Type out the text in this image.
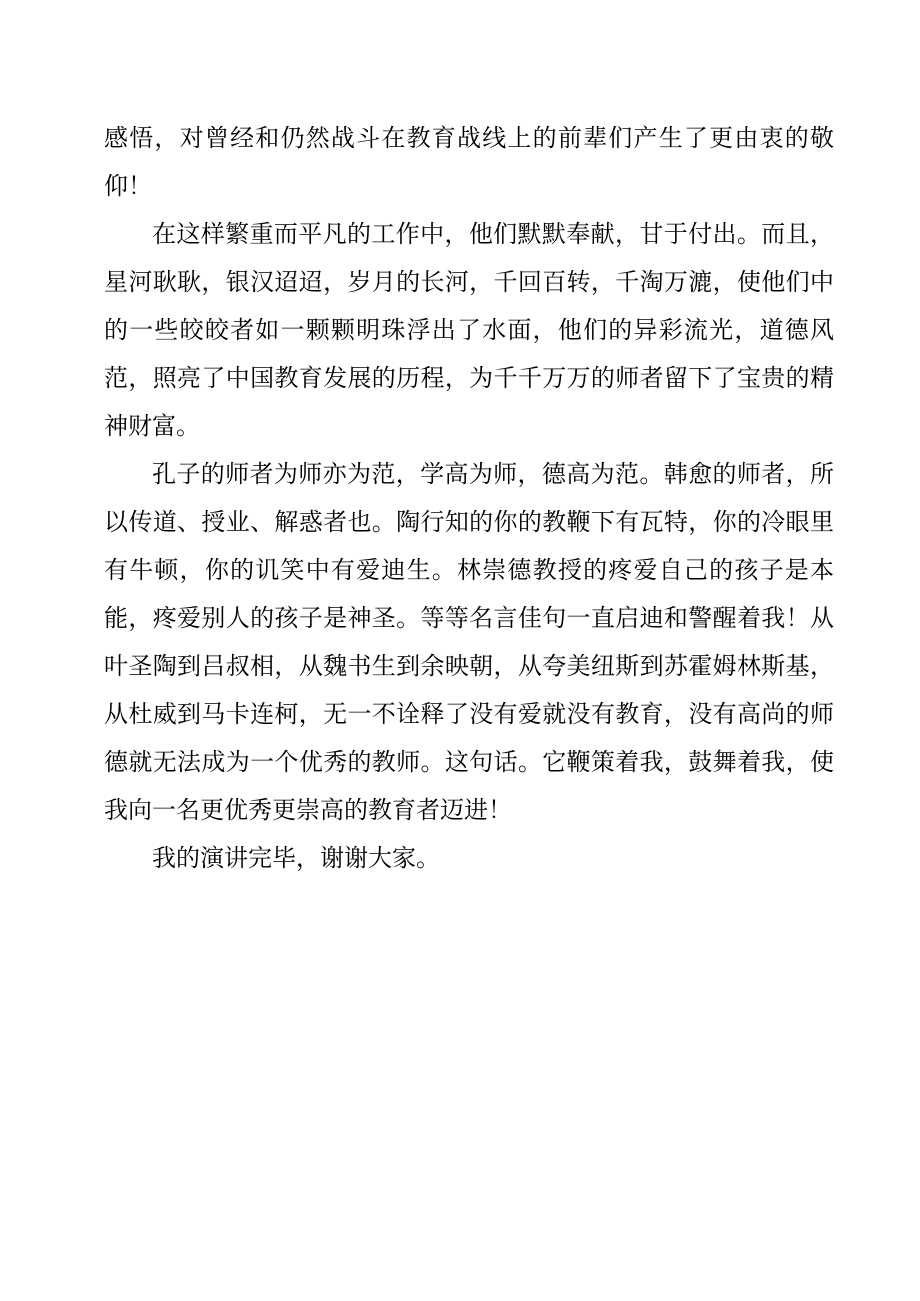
感悟，对曾经和仍然战斗在教育战线上的前辈们产生了更由衷的敬仰！

在这样繁重而平凡的工作中，他们默默奉献，甘于付出。而且，星河耿耿，银汉迢迢，岁月的长河，千回百转，千淘万漉，使他们中的一些皎皎者如一颗颗明珠浮出了水面，他们的异彩流光，道德风范，照亮了中国教育发展的历程，为千千万万的师者留下了宝贵的精神财富。

孔子的师者为师亦为范，学高为师，德高为范。韩愈的师者，所以传道、授业、解惑者也。陶行知的你的教鞭下有瓦特，你的冷眼里有牛顿，你的讥笑中有爱迪生。林崇德教授的疼爱自己的孩子是本能，疼爱别人的孩子是神圣。等等名言佳句一直启迪和警醒着我！从叶圣陶到吕叔相，从魏书生到余映朝，从夸美纽斯到苏霍姆林斯基，从杜威到马卡连柯，无一不诠释了没有爱就没有教育，没有高尚的师德就无法成为一个优秀的教师。这句话。它鞭策着我，鼓舞着我，使我向一名更优秀更崇高的教育者迈进！

我的演讲完毕，谢谢大家。
